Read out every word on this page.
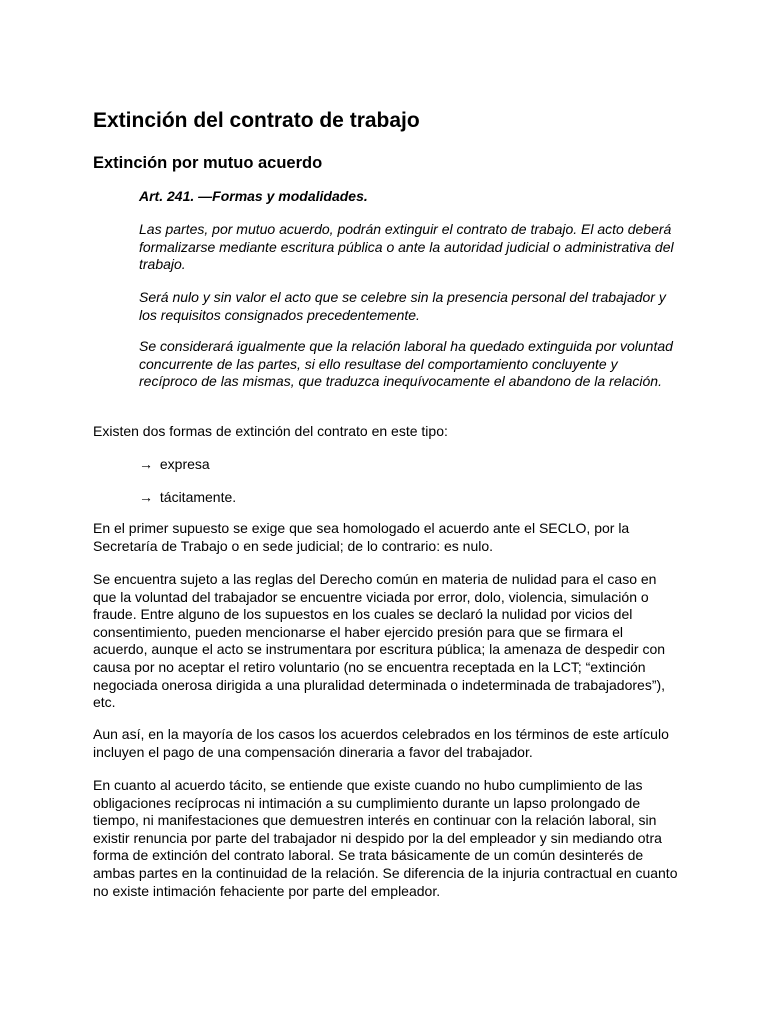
Extinción del contrato de trabajo
Extinción por mutuo acuerdo
Art. 241. —Formas y modalidades.
Las partes, por mutuo acuerdo, podrán extinguir el contrato de trabajo. El acto deberá formalizarse mediante escritura pública o ante la autoridad judicial o administrativa del trabajo.
Será nulo y sin valor el acto que se celebre sin la presencia personal del trabajador y los requisitos consignados precedentemente.
Se considerará igualmente que la relación laboral ha quedado extinguida por voluntad concurrente de las partes, si ello resultase del comportamiento concluyente y recíproco de las mismas, que traduzca inequívocamente el abandono de la relación.
Existen dos formas de extinción del contrato en este tipo:
→ expresa
→ tácitamente.
En el primer supuesto se exige que sea homologado el acuerdo ante el SECLO, por la Secretaría de Trabajo o en sede judicial; de lo contrario: es nulo.
Se encuentra sujeto a las reglas del Derecho común en materia de nulidad para el caso en que la voluntad del trabajador se encuentre viciada por error, dolo, violencia, simulación o fraude. Entre alguno de los supuestos en los cuales se declaró la nulidad por vicios del consentimiento, pueden mencionarse el haber ejercido presión para que se firmara el acuerdo, aunque el acto se instrumentara por escritura pública; la amenaza de despedir con causa por no aceptar el retiro voluntario (no se encuentra receptada en la LCT; “extinción negociada onerosa dirigida a una pluralidad determinada o indeterminada de trabajadores”), etc.
Aun así, en la mayoría de los casos los acuerdos celebrados en los términos de este artículo incluyen el pago de una compensación dineraria a favor del trabajador.
En cuanto al acuerdo tácito, se entiende que existe cuando no hubo cumplimiento de las obligaciones recíprocas ni intimación a su cumplimiento durante un lapso prolongado de tiempo, ni manifestaciones que demuestren interés en continuar con la relación laboral, sin existir renuncia por parte del trabajador ni despido por la del empleador y sin mediando otra forma de extinción del contrato laboral. Se trata básicamente de un común desinterés de ambas partes en la continuidad de la relación. Se diferencia de la injuria contractual en cuanto no existe intimación fehaciente por parte del empleador.
